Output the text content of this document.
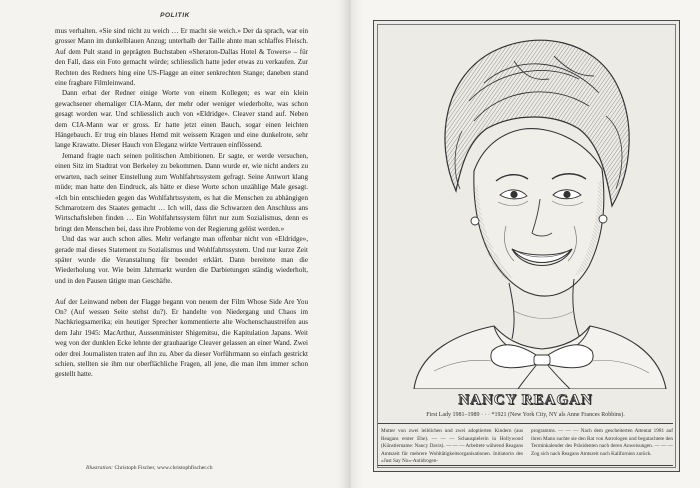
POLITIK

mus verhalten. «Sie sind nicht zu weich … Er macht sie weich.» Der da sprach, war ein grosser Mann im dunkelblauen Anzug; unterhalb der Taille ahnte man schlaffes Fleisch. Auf dem Pult stand in geprägten Buchstaben «Sheraton-Dallas Hotel & Towers» – für den Fall, dass ein Foto gemacht würde; schliesslich hatte jeder etwas zu verkaufen. Zur Rechten des Redners hing eine US-Flagge an einer senkrechten Stange; daneben stand eine fragbare Filmleinwand.

Dann erbat der Redner einige Worte von einem Kollegen; es war ein klein gewachsener ehemaliger CIA-Mann, der mehr oder weniger wiederholte, was schon gesagt worden war. Und schliesslich auch von «Eldridge». Cleaver stand auf. Neben dem CIA-Mann war er gross. Er hatte jetzt einen Bauch, sogar einen leichten Hängebauch. Er trug ein blaues Hemd mit weissem Kragen und eine dunkelrote, sehr lange Krawatte. Dieser Hauch von Eleganz wirkte Vertrauen einflössend.

Jemand fragte nach seinen politischen Ambitionen. Er sagte, er werde versuchen, einen Sitz im Stadtrat von Berkeley zu bekommen. Dann wurde er, wie nicht anders zu erwarten, nach seiner Einstellung zum Wohlfahrtssystem gefragt. Seine Antwort klang müde; man hatte den Eindruck, als hätte er diese Worte schon unzählige Male gesagt. «Ich bin entschieden gegen das Wohlfahrtssystem, es hat die Menschen zu abhängigen Schmarotzern des Staates gemacht … Ich will, dass die Schwarzen den Anschluss ans Wirtschaftsleben finden … Ein Wohlfahrtssystem führt nur zum Sozialismus, denn es bringt den Menschen bei, dass ihre Probleme von der Regierung gelöst werden.»

Und das war auch schon alles. Mehr verlangte man offenbar nicht von «Eldridge», gerade mal dieses Statement zu Sozialismus und Wohlfahrtssystem. Und nur kurze Zeit später wurde die Veranstaltung für beendet erklärt. Dann bereitete man die Wiederholung vor. Wie beim Jahrmarkt wurden die Darbietungen ständig wiederholt, und in den Pausen tätigte man Geschäfte.

Auf der Leinwand neben der Flagge begann von neuem der Film Whose Side Are You On? (Auf wessen Seite stehst du?). Er handelte von Niedergang und Chaos im Nachkriegsamerika; ein heutiger Sprecher kommentierte alte Wochenschaustreifen aus dem Jahr 1945: MacArthur, Aussenminister Shigemitsu, die Kapitulation Japans. Weit weg von der dunklen Ecke lehnte der grauhaarige Cleaver gelassen an einer Wand. Zwei oder drei Journalisten traten auf ihn zu. Aber da dieser Vorführmann so einfach gestrickt schien, stellten sie ihm nur oberflächliche Fragen, all jene, die man ihm immer schon gestellt hatte.

Illustration: Christoph Fischer, www.christophfischer.ch
NANCY REAGAN
First Lady 1981–1989 · · · *1921 (New York City, NY als Anne Frances Robbins).
Mutter von zwei leiblichen und zwei adoptierten Kindern (aus Reagans erster Ehe). — — — Schauspielerin in Hollywood (Künstlername: Nancy Davis). — — — Arbeitete während Reagans Amtszeit für mehrere Wohltätigkeitsorganisationen. Initiatorin des «Just Say No»-Antidrogen-
programms. — — — Nach dem gescheiterten Attentat 1981 auf ihren Mann suchte sie den Rat von Astrologen und begutachtete den Terminkalender des Präsidenten nach deren Anweisungen. — — — Zog sich nach Reagans Amtszeit nach Kalifornien zurück.
